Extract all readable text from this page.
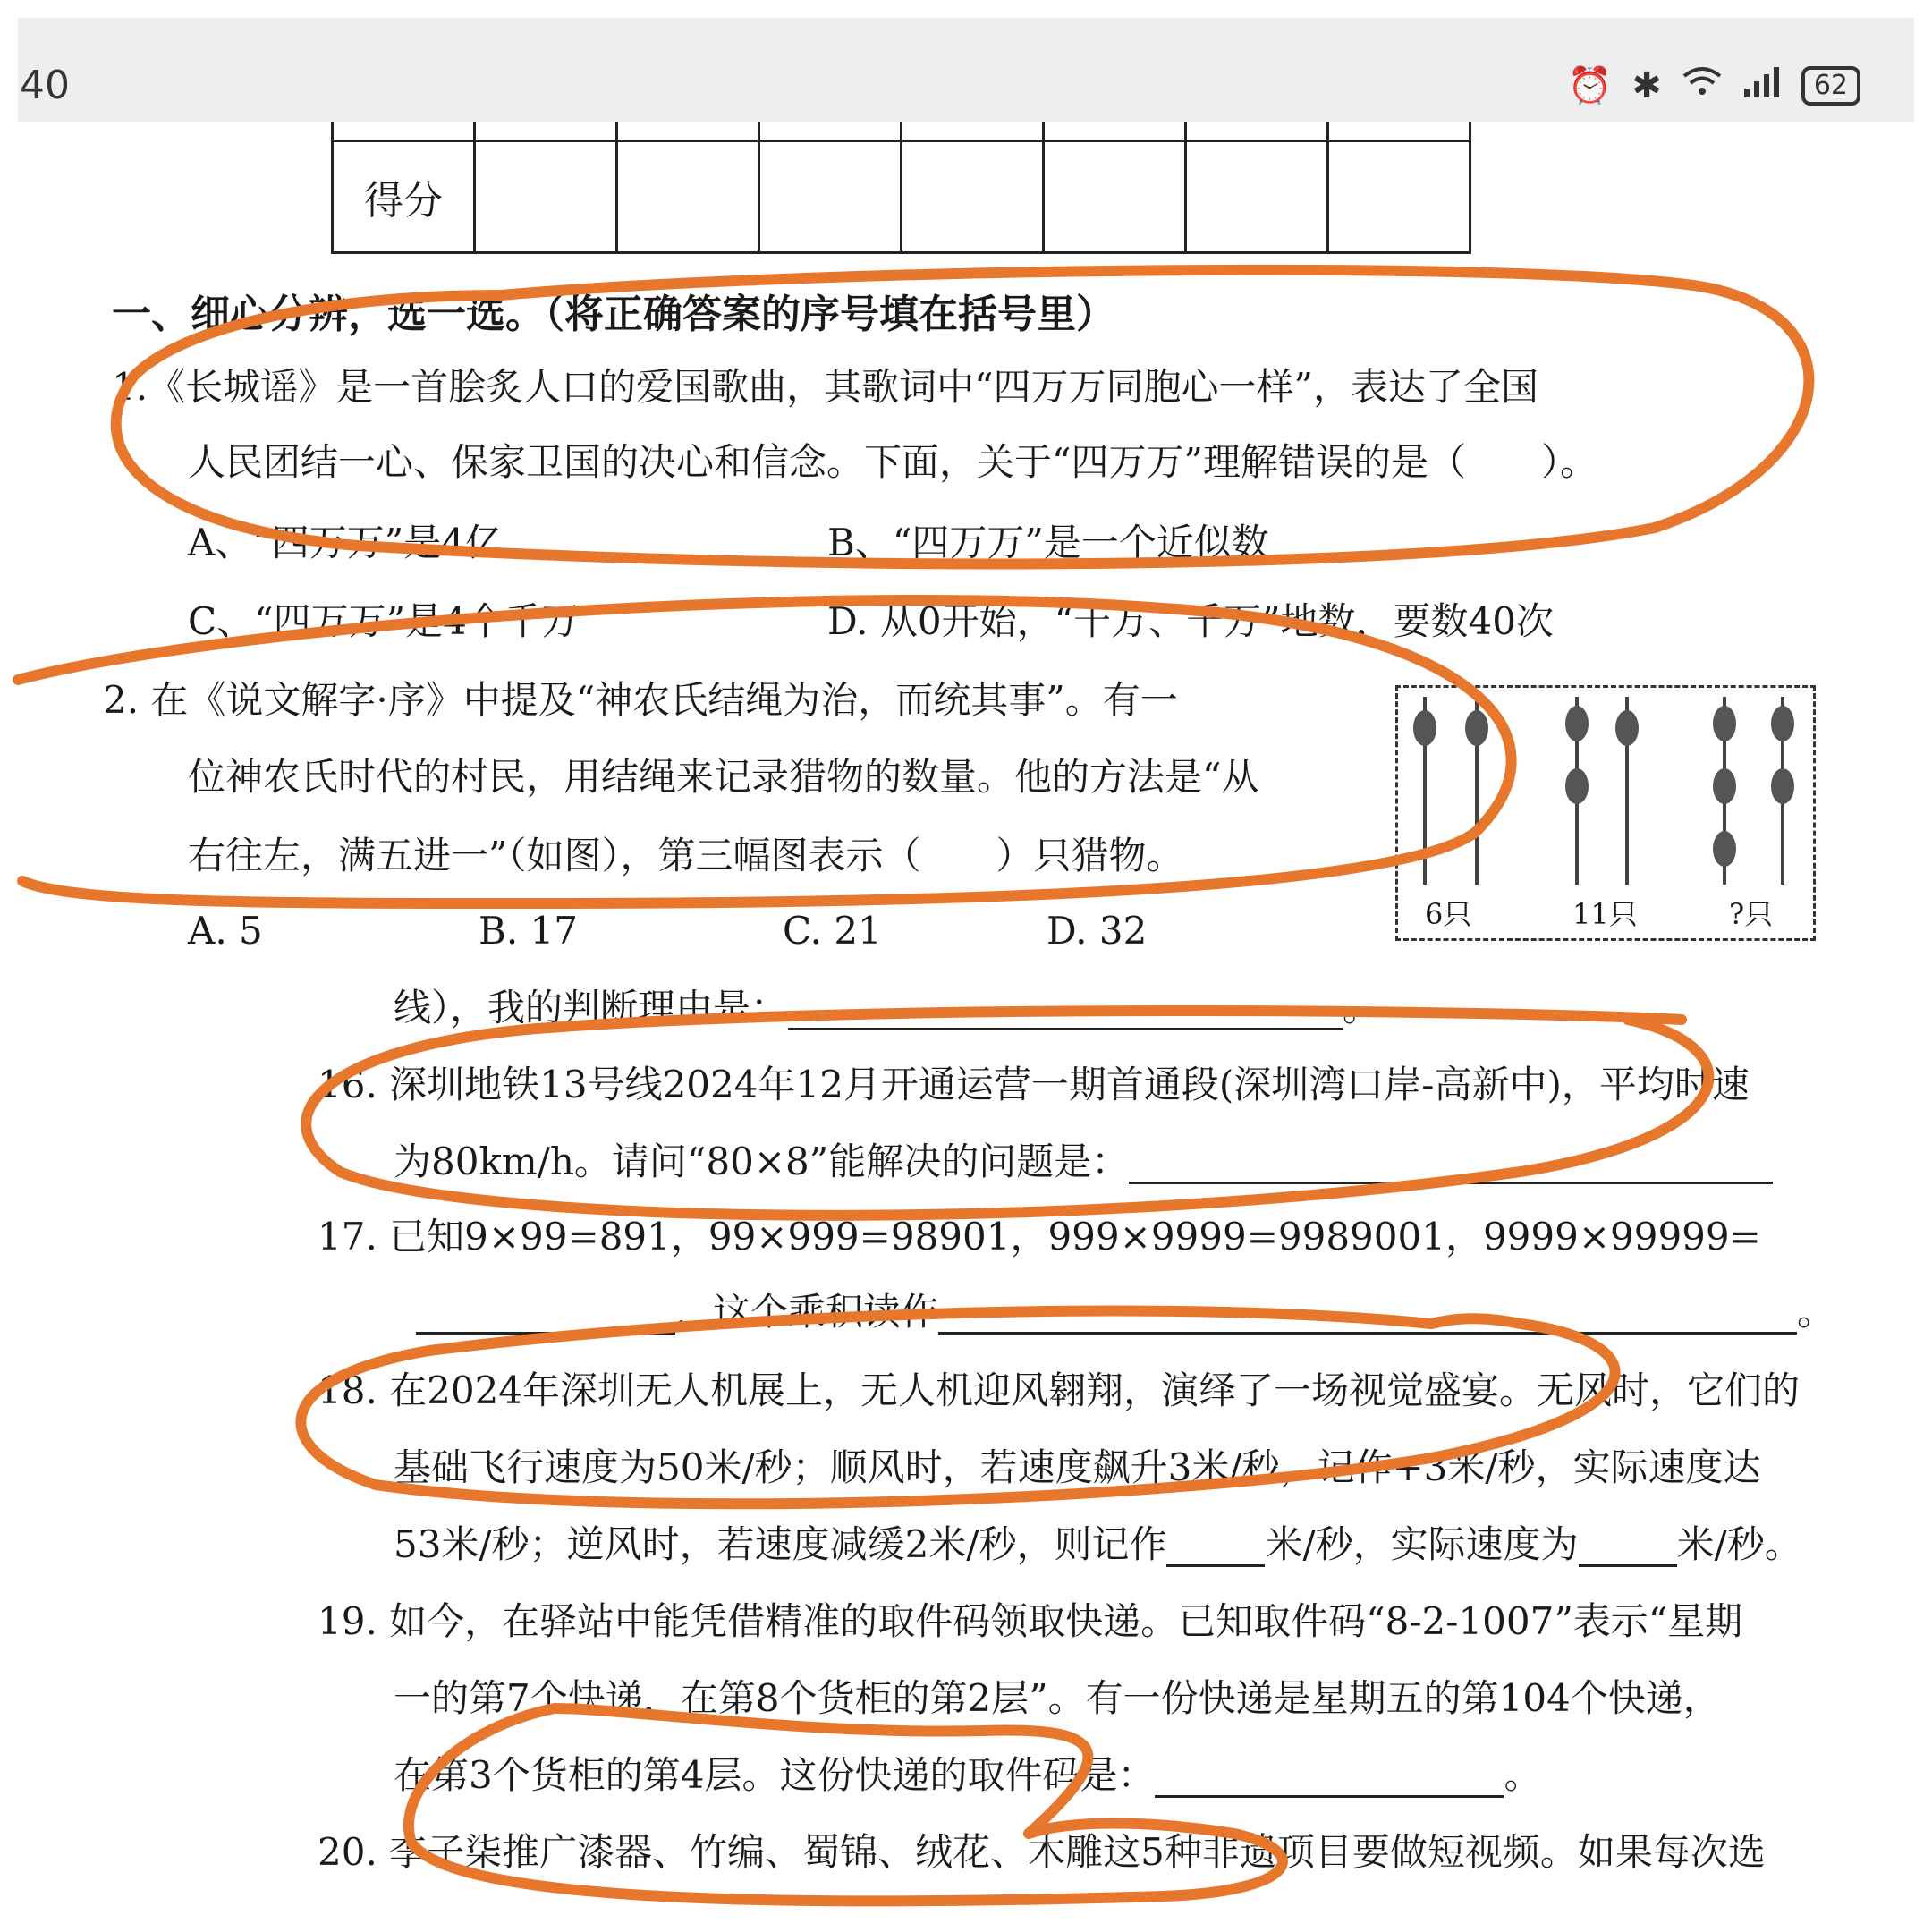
40	⏰ ✱	62

得分							
一、细心分辨，选一选。（将正确答案的序号填在括号里）
1.《长城谣》是一首脍炙人口的爱国歌曲，其歌词中“四万万同胞心一样”，表达了全国
人民团结一心、保家卫国的决心和信念。下面，关于“四万万”理解错误的是（　　）。
A、“四万万”是4亿	B、“四万万”是一个近似数
C、“四万万”是4个千万	D. 从0开始，“千万、千万”地数，要数40次
2. 在《说文解字·序》中提及“神农氏结绳为治，而统其事”。有一
位神农氏时代的村民，用结绳来记录猎物的数量。他的方法是“从
右往左，满五进一”（如图），第三幅图表示（　　）只猎物。
A. 5	B. 17	C. 21	D. 32	6只	11只	?只
线），我的判断理由是：	。
16. 深圳地铁13号线2024年12月开通运营一期首通段(深圳湾口岸-高新中)，平均时速
为80km/h。请问“80×8”能解决的问题是：
17. 已知9×99=891，99×999=98901，999×9999=9989001，9999×99999=
，这个乘积读作	。
18. 在2024年深圳无人机展上，无人机迎风翱翔，演绎了一场视觉盛宴。无风时，它们的
基础飞行速度为50米/秒；顺风时，若速度飙升3米/秒，记作+3米/秒，实际速度达
53米/秒；逆风时，若速度减缓2米/秒，则记作	米/秒，实际速度为	米/秒。
19. 如今，在驿站中能凭借精准的取件码领取快递。已知取件码“8-2-1007”表示“星期
一的第7个快递，在第8个货柜的第2层”。有一份快递是星期五的第104个快递，
在第3个货柜的第4层。这份快递的取件码是：	。
20. 李子柒推广漆器、竹编、蜀锦、绒花、木雕这5种非遗项目要做短视频。如果每次选
